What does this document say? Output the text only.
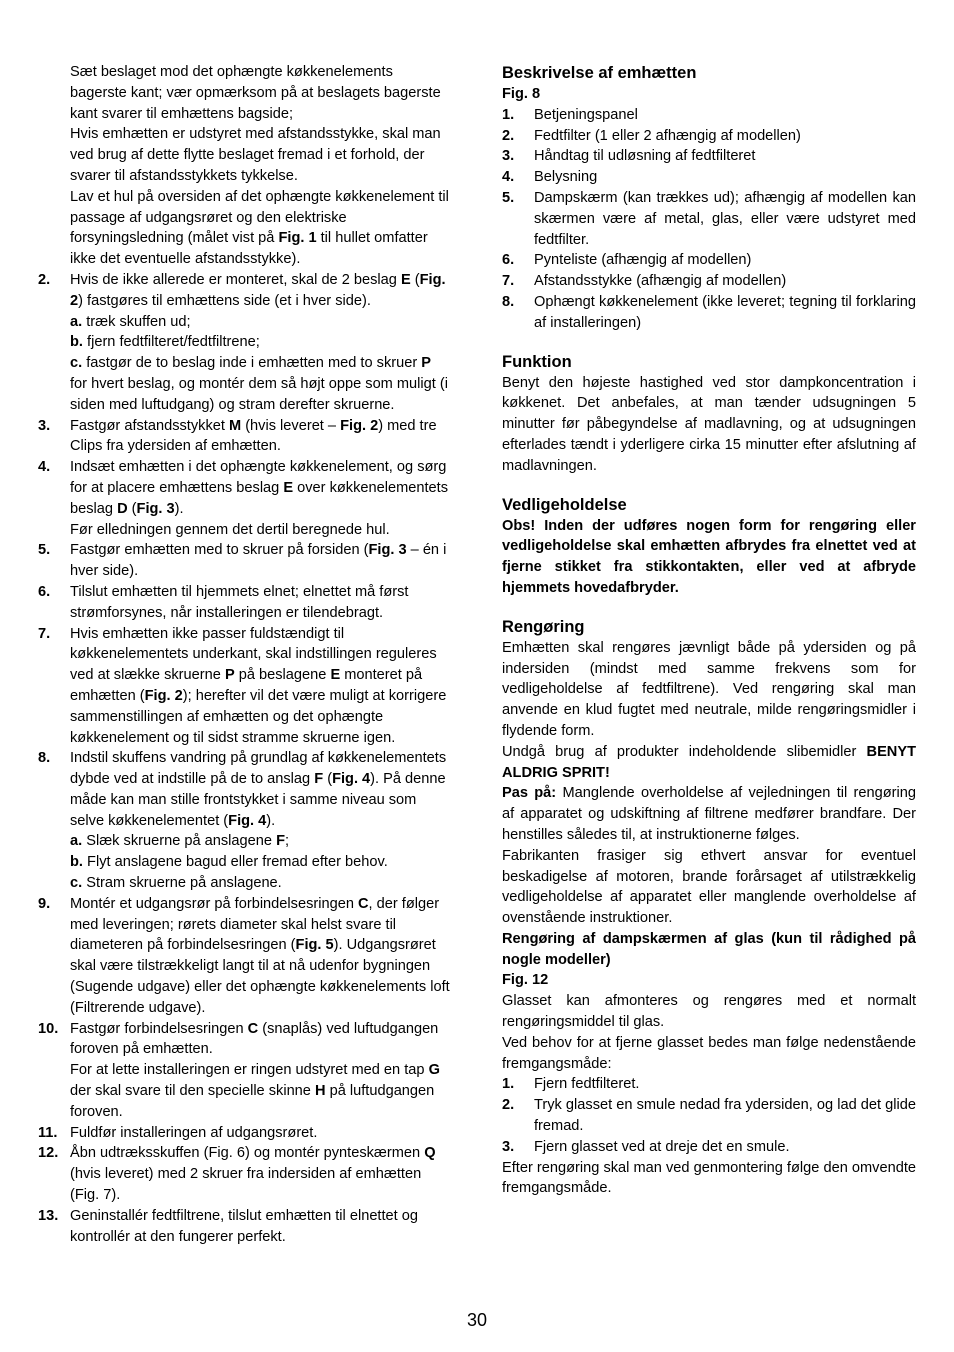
Sæt beslaget mod det ophængte køkkenelements bagerste kant; vær opmærksom på at beslagets bagerste kant svarer til emhættens bagside;

Hvis emhætten er udstyret med afstandsstykke, skal man ved brug af dette flytte beslaget fremad i et forhold, der svarer til afstandsstykkets tykkelse.

Lav et hul på oversiden af det ophængte køkkenelement til passage af udgangsrøret og den elektriske forsyningsledning (målet vist på Fig. 1 til hullet omfatter ikke det eventuelle afstandsstykke).

2. Hvis de ikke allerede er monteret, skal de 2 beslag E (Fig. 2) fastgøres til emhættens side (et i hver side).

a. træk skuffen ud;

b. fjern fedtfilteret/fedtfiltrene;

c. fastgør de to beslag inde i emhætten med to skruer P for hvert beslag, og montér dem så højt oppe som muligt (i siden med luftudgang) og stram derefter skruerne.

3. Fastgør afstandsstykket M (hvis leveret – Fig. 2) med tre Clips fra ydersiden af emhætten.

4. Indsæt emhætten i det ophængte køkkenelement, og sørg for at placere emhættens beslag E over køkkenelementets beslag D (Fig. 3).

Før elledningen gennem det dertil beregnede hul.

5. Fastgør emhætten med to skruer på forsiden (Fig. 3 – én i hver side).

6. Tilslut emhætten til hjemmets elnet; elnettet må først strømforsynes, når installeringen er tilendebragt.

7. Hvis emhætten ikke passer fuldstændigt til køkkenelementets underkant, skal indstillingen reguleres ved at slække skruerne P på beslagene E monteret på emhætten (Fig. 2); herefter vil det være muligt at korrigere sammenstillingen af emhætten og det ophængte køkkenelement og til sidst stramme skruerne igen.

8. Indstil skuffens vandring på grundlag af køkkenelementets dybde ved at indstille på de to anslag F (Fig. 4). På denne måde kan man stille frontstykket i samme niveau som selve køkkenelementet (Fig. 4).

a. Slæk skruerne på anslagene F;

b. Flyt anslagene bagud eller fremad efter behov.

c. Stram skruerne på anslagene.

9. Montér et udgangsrør på forbindelsesringen C, der følger med leveringen; rørets diameter skal helst svare til diameteren på forbindelsesringen (Fig. 5). Udgangsrøret skal være tilstrækkeligt langt til at nå udenfor bygningen (Sugende udgave) eller det ophængte køkkenelements loft (Filtrerende udgave).

10. Fastgør forbindelsesringen C (snaplås) ved luftudgangen foroven på emhætten.

For at lette installeringen er ringen udstyret med en tap G der skal svare til den specielle skinne H på luftudgangen foroven.

11. Fuldfør installeringen af udgangsrøret.

12. Åbn udtræksskuffen (Fig. 6) og montér pynteskærmen Q (hvis leveret) med 2 skruer fra indersiden af emhætten (Fig. 7).

13. Geninstallér fedtfiltrene, tilslut emhætten til elnettet og kontrollér at den fungerer perfekt.

Beskrivelse af emhætten

Fig. 8

1. Betjeningspanel

2. Fedtfilter (1 eller 2 afhængig af modellen)

3. Håndtag til udløsning af fedtfilteret

4. Belysning

5. Dampskærm (kan trækkes ud); afhængig af modellen kan skærmen være af metal, glas, eller være udstyret med fedtfilter.

6. Pynteliste (afhængig af modellen)

7. Afstandsstykke (afhængig af modellen)

8. Ophængt køkkenelement (ikke leveret; tegning til forklaring af installeringen)

Funktion

Benyt den højeste hastighed ved stor dampkoncentration i køkkenet. Det anbefales, at man tænder udsugningen 5 minutter før påbegyndelse af madlavning, og at udsugningen efterlades tændt i yderligere cirka 15 minutter efter afslutning af madlavningen.

Vedligeholdelse

Obs! Inden der udføres nogen form for rengøring eller vedligeholdelse skal emhætten afbrydes fra elnettet ved at fjerne stikket fra stikkontakten, eller ved at afbryde hjemmets hovedafbryder.

Rengøring

Emhætten skal rengøres jævnligt både på ydersiden og på indersiden (mindst med samme frekvens som for vedligeholdelse af fedtfiltrene). Ved rengøring skal man anvende en klud fugtet med neutrale, milde rengøringsmidler i flydende form.

Undgå brug af produkter indeholdende slibemidler BENYT ALDRIG SPRIT!

Pas på: Manglende overholdelse af vejledningen til rengøring af apparatet og udskiftning af filtrene medfører brandfare. Der henstilles således til, at instruktionerne følges.

Fabrikanten frasiger sig ethvert ansvar for eventuel beskadigelse af motoren, brande forårsaget af utilstrækkelig vedligeholdelse af apparatet eller manglende overholdelse af ovenstående instruktioner.

Rengøring af dampskærmen af glas (kun til rådighed på nogle modeller)

Fig. 12

Glasset kan afmonteres og rengøres med et normalt rengøringsmiddel til glas.

Ved behov for at fjerne glasset bedes man følge nedenstående fremgangsmåde:

1. Fjern fedtfilteret.

2. Tryk glasset en smule nedad fra ydersiden, og lad det glide fremad.

3. Fjern glasset ved at dreje det en smule.

Efter rengøring skal man ved genmontering følge den omvendte fremgangsmåde.

30
